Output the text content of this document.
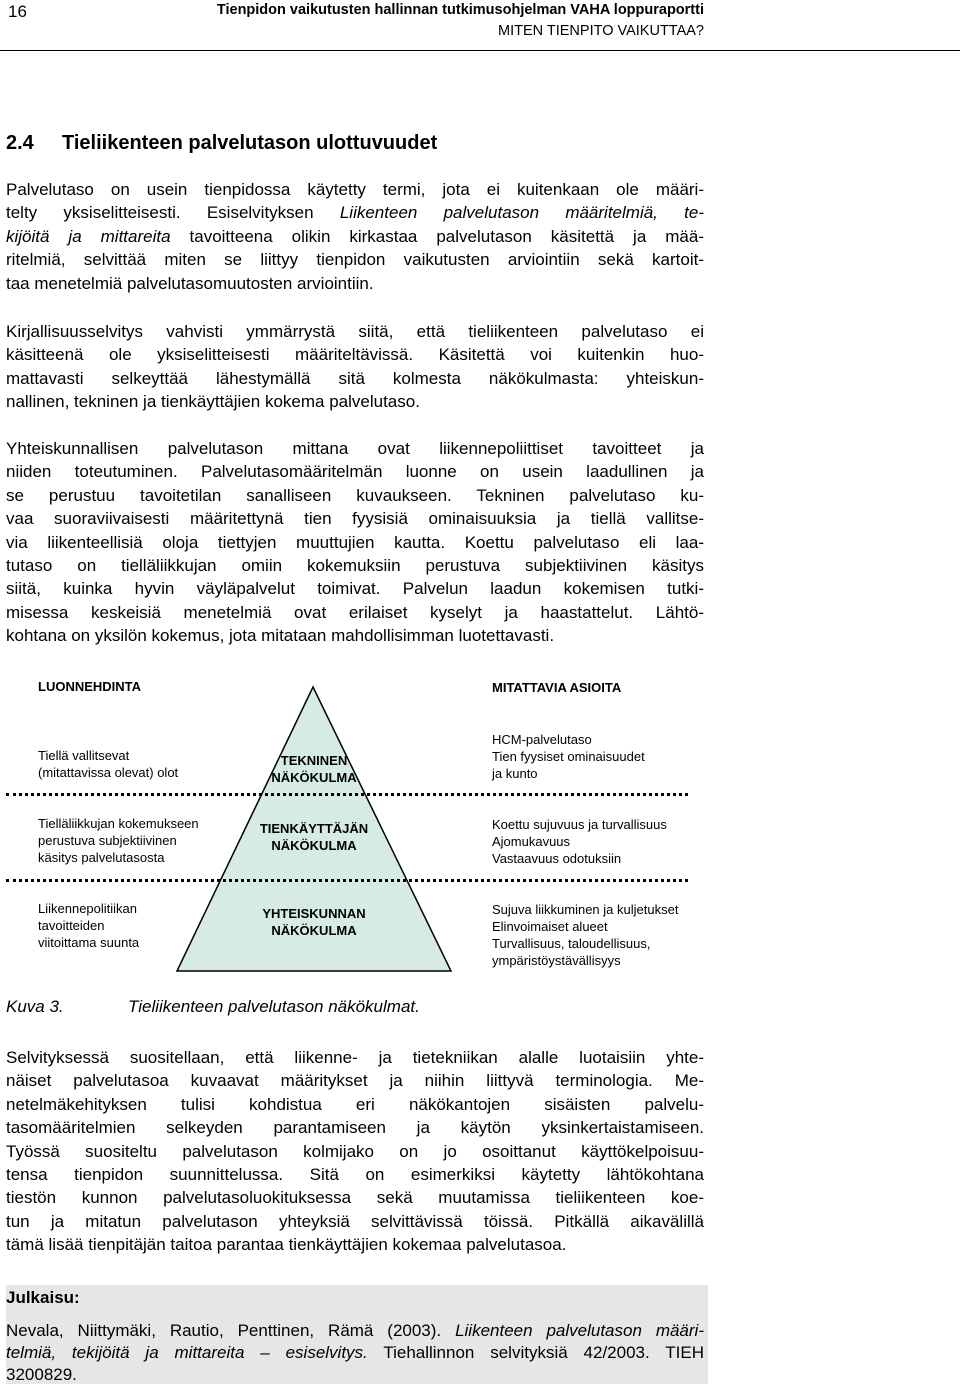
16	Tienpidon vaikutusten hallinnan tutkimusohjelman VAHA loppuraportti
MITEN TIENPITO VAIKUTTAA?
2.4 Tieliikenteen palvelutason ulottuvuudet
Palvelutaso on usein tienpidossa käytetty termi, jota ei kuitenkaan ole määri-
telty yksiselitteisesti. Esiselvityksen Liikenteen palvelutason määritelmiä, te-
kijöitä ja mittareita tavoitteena olikin kirkastaa palvelutason käsitettä ja mää-
ritelmiä, selvittää miten se liittyy tienpidon vaikutusten arviointiin sekä kartoit-
taa menetelmiä palvelutasomuutosten arviointiin.
Kirjallisuusselvitys vahvisti ymmärrystä siitä, että tieliikenteen palvelutaso ei
käsitteenä ole yksiselitteisesti määriteltävissä. Käsitettä voi kuitenkin huo-
mattavasti selkeyttää lähestymällä sitä kolmesta näkökulmasta: yhteiskun-
nallinen, tekninen ja tienkäyttäjien kokema palvelutaso.
Yhteiskunnallisen palvelutason mittana ovat liikennepoliittiset tavoitteet ja
niiden toteutuminen. Palvelutasomääritelmän luonne on usein laadullinen ja
se perustuu tavoitetilan sanalliseen kuvaukseen. Tekninen palvelutaso ku-
vaa suoraviivaisesti määritettynä tien fyysisiä ominaisuuksia ja tiellä vallitse-
via liikenteellisiä oloja tiettyjen muuttujien kautta. Koettu palvelutaso eli laa-
tutaso on tielläliikkujan omiin kokemuksiin perustuva subjektiivinen käsitys
siitä, kuinka hyvin väyläpalvelut toimivat. Palvelun laadun kokemisen tutki-
misessa keskeisiä menetelmiä ovat erilaiset kyselyt ja haastattelut. Lähtö-
kohtana on yksilön kokemus, jota mitataan mahdollisimman luotettavasti.
LUONNEHDINTA	MITATTAVIA ASIOITA
Tiellä vallitsevat
(mitattavissa olevat) olot
TEKNINEN
NÄKÖKULMA
HCM-palvelutaso
Tien fyysiset ominaisuudet
ja kunto
Tielläliikkujan kokemukseen
perustuva subjektiivinen
käsitys palvelutasosta
TIENKÄYTTÄJÄN
NÄKÖKULMA
Koettu sujuvuus ja turvallisuus
Ajomukavuus
Vastaavuus odotuksiin
Liikennepolitiikan
tavoitteiden
viitoittama suunta
YHTEISKUNNAN
NÄKÖKULMA
Sujuva liikkuminen ja kuljetukset
Elinvoimaiset alueet
Turvallisuus, taloudellisuus,
ympäristöystävällisyys
Kuva 3.	Tieliikenteen palvelutason näkökulmat.
Selvityksessä suositellaan, että liikenne- ja tietekniikan alalle luotaisiin yhte-
näiset palvelutasoa kuvaavat määritykset ja niihin liittyvä terminologia. Me-
netelmäkehityksen tulisi kohdistua eri näkökantojen sisäisten palvelu-
tasomääritelmien selkeyden parantamiseen ja käytön yksinkertaistamiseen.
Työssä suositeltu palvelutason kolmijako on jo osoittanut käyttökelpoisuu-
tensa tienpidon suunnittelussa. Sitä on esimerkiksi käytetty lähtökohtana
tiestön kunnon palvelutasoluokituksessa sekä muutamissa tieliikenteen koe-
tun ja mitatun palvelutason yhteyksiä selvittävissä töissä. Pitkällä aikavälillä
tämä lisää tienpitäjän taitoa parantaa tienkäyttäjien kokemaa palvelutasoa.
Julkaisu:
Nevala, Niittymäki, Rautio, Penttinen, Rämä (2003). Liikenteen palvelutason määri-
telmiä, tekijöitä ja mittareita – esiselvitys. Tiehallinnon selvityksiä 42/2003. TIEH
3200829.
